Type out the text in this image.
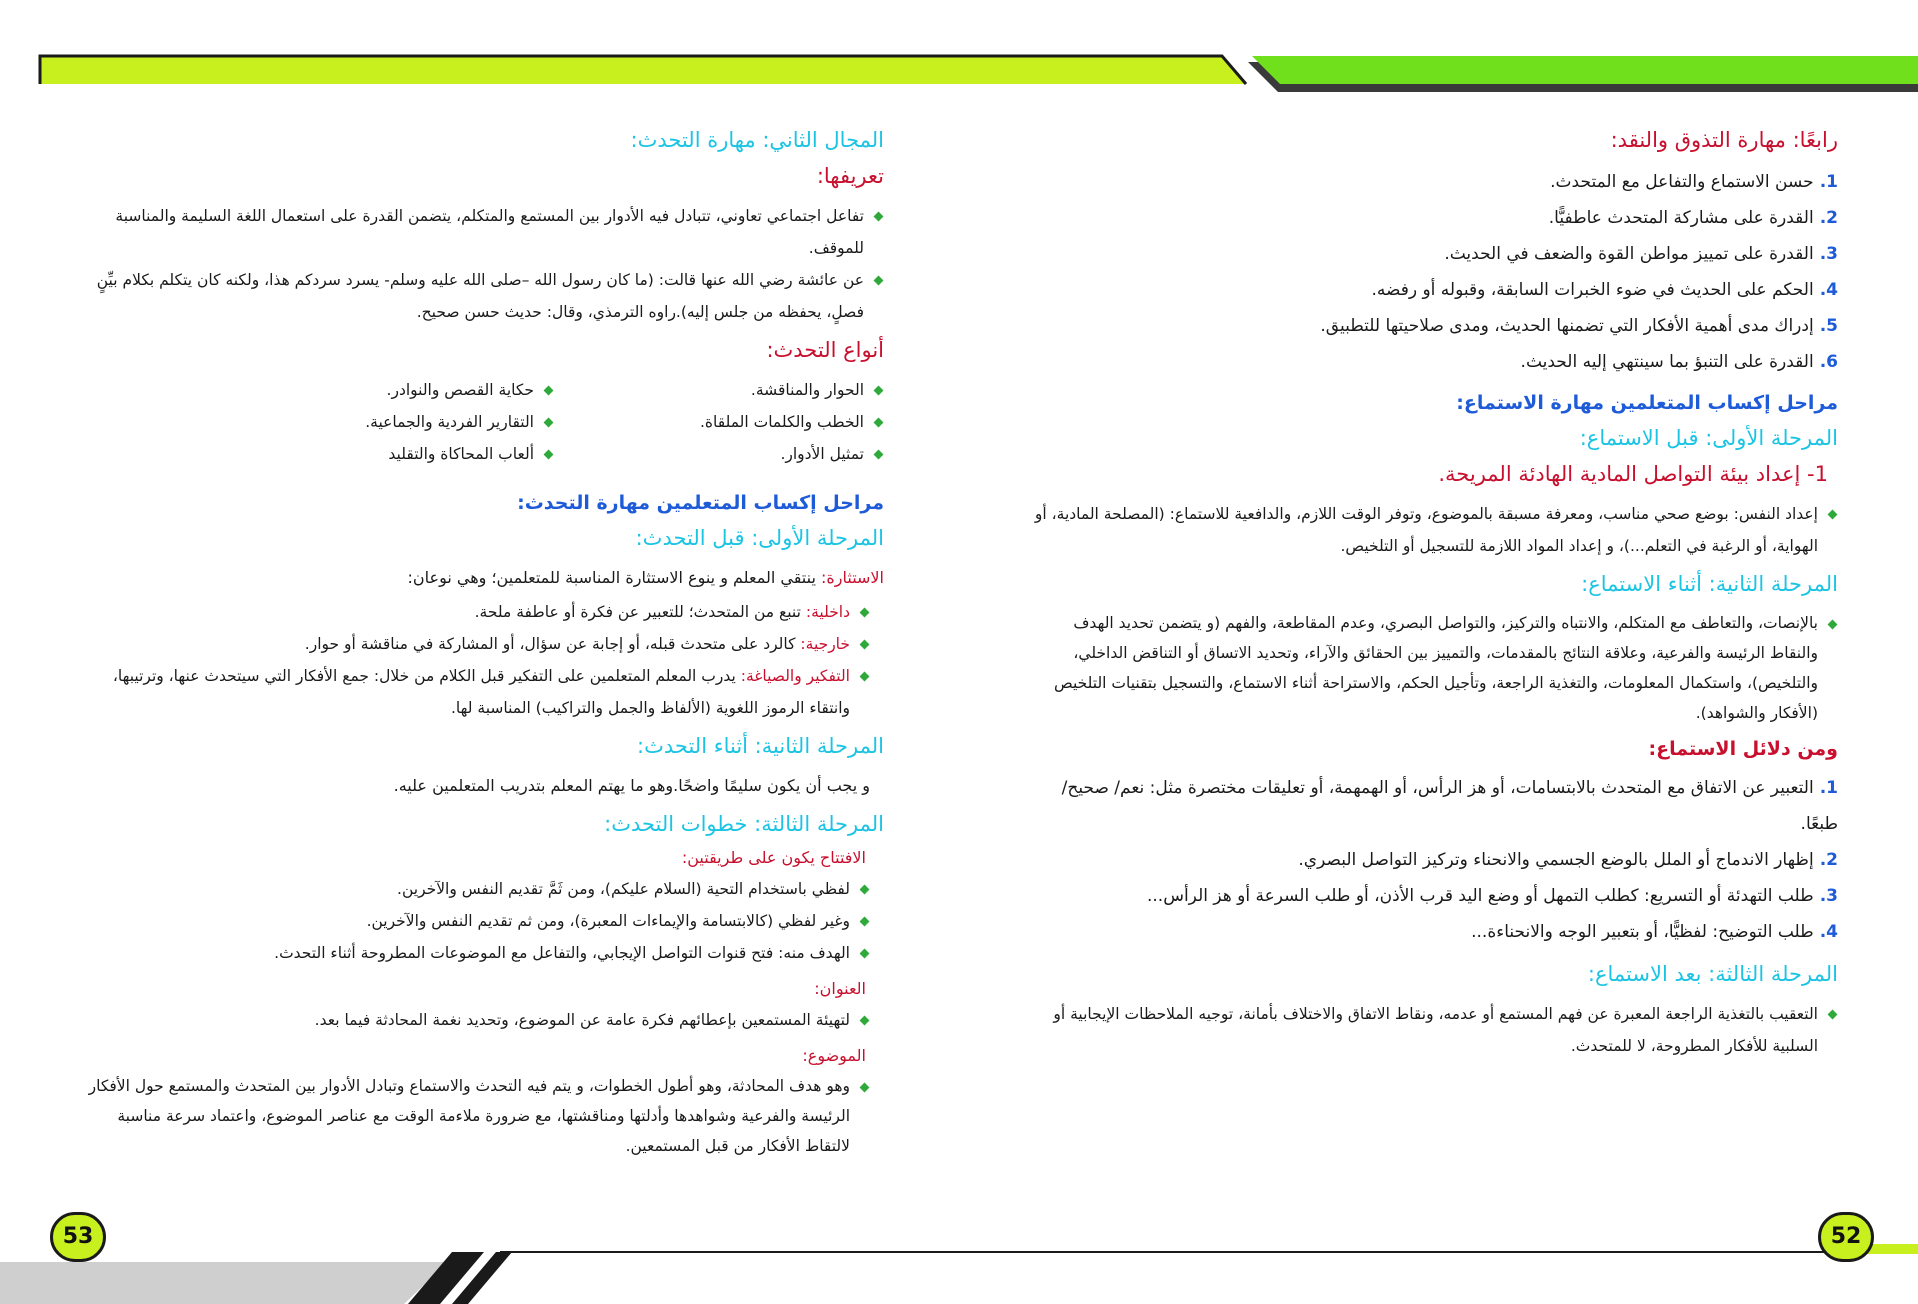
53	52
رابعًا: مهارة التذوق والنقد:
1.حسن الاستماع والتفاعل مع المتحدث.
2.القدرة على مشاركة المتحدث عاطفيًّا.
3.القدرة على تمييز مواطن القوة والضعف في الحديث.
4.الحكم على الحديث في ضوء الخبرات السابقة، وقبوله أو رفضه.
5.إدراك مدى أهمية الأفكار التي تضمنها الحديث، ومدى صلاحيتها للتطبيق.
6.القدرة على التنبؤ بما سينتهي إليه الحديث.
مراحل إكساب المتعلمين مهارة الاستماع:
المرحلة الأولى: قبل الاستماع:

1- إعداد بيئة التواصل المادية الهادئة المريحة.

إعداد النفس: بوضع صحي مناسب، ومعرفة مسبقة بالموضوع، وتوفر الوقت اللازم، والدافعية للاستماع: (المصلحة المادية، أو الهواية، أو الرغبة في التعلم...)، و إعداد المواد اللازمة للتسجيل أو التلخيص.
المرحلة الثانية: أثناء الاستماع:
بالإنصات، والتعاطف مع المتكلم، والانتباه والتركيز، والتواصل البصري، وعدم المقاطعة، والفهم (و يتضمن تحديد الهدف والنقاط الرئيسة والفرعية، وعلاقة النتائج بالمقدمات، والتمييز بين الحقائق والآراء، وتحديد الاتساق أو التناقض الداخلي، والتلخيص)، واستكمال المعلومات، والتغذية الراجعة، وتأجيل الحكم، والاستراحة أثناء الاستماع، والتسجيل بتقنيات التلخيص (الأفكار والشواهد).
ومن دلائل الاستماع:
1.التعبير عن الاتفاق مع المتحدث بالابتسامات، أو هز الرأس، أو الهمهمة، أو تعليقات مختصرة مثل: نعم/ صحيح/ طبعًا.
2.إظهار الاندماج أو الملل بالوضع الجسمي والانحناء وتركيز التواصل البصري.
3.طلب التهدئة أو التسريع: كطلب التمهل أو وضع اليد قرب الأذن، أو طلب السرعة أو هز الرأس...
4.طلب التوضيح: لفظيًّا، أو بتعبير الوجه والانحناءة...
المرحلة الثالثة: بعد الاستماع:
التعقيب بالتغذية الراجعة المعبرة عن فهم المستمع أو عدمه، ونقاط الاتفاق والاختلاف بأمانة، توجيه الملاحظات الإيجابية أو السلبية للأفكار المطروحة، لا للمتحدث.
المجال الثاني: مهارة التحدث:
تعريفها:
تفاعل اجتماعي تعاوني، تتبادل فيه الأدوار بين المستمع والمتكلم، يتضمن القدرة على استعمال اللغة السليمة والمناسبة للموقف.
عن عائشة رضي الله عنها قالت: (ما كان رسول الله –صلى الله عليه وسلم- يسرد سردكم هذا، ولكنه كان يتكلم بكلام بيِّنٍ فصلٍ، يحفظه من جلس إليه).راوه الترمذي، وقال: حديث حسن صحيح.
أنواع التحدث:
الحوار والمناقشة.
حكاية القصص والنوادر.
الخطب والكلمات الملقاة.
التقارير الفردية والجماعية.
تمثيل الأدوار.
ألعاب المحاكاة والتقليد
مراحل إكساب المتعلمين مهارة التحدث:
المرحلة الأولى: قبل التحدث:

الاستثارة: ينتقي المعلم و ينوع الاستثارة المناسبة للمتعلمين؛ وهي نوعان:

داخلية: تنبع من المتحدث؛ للتعبير عن فكرة أو عاطفة ملحة.
خارجية: كالرد على متحدث قبله، أو إجابة عن سؤال، أو المشاركة في مناقشة أو حوار.
التفكير والصياغة: يدرب المعلم المتعلمين على التفكير قبل الكلام من خلال: جمع الأفكار التي سيتحدث عنها، وترتيبها، وانتقاء الرموز اللغوية (الألفاظ والجمل والتراكيب) المناسبة لها.
المرحلة الثانية: أثناء التحدث:

و يجب أن يكون سليمًا واضحًا.وهو ما يهتم المعلم بتدريب المتعلمين عليه.

المرحلة الثالثة: خطوات التحدث:

الافتتاح يكون على طريقتين:

لفظي باستخدام التحية (السلام عليكم)، ومن ثَمَّ تقديم النفس والآخرين.
وغير لفظي (كالابتسامة والإيماءات المعبرة)، ومن ثم تقديم النفس والآخرين.
الهدف منه: فتح قنوات التواصل الإيجابي، والتفاعل مع الموضوعات المطروحة أثناء التحدث.

العنوان:

لتهيئة المستمعين بإعطائهم فكرة عامة عن الموضوع، وتحديد نغمة المحادثة فيما بعد.

الموضوع:

وهو هدف المحادثة، وهو أطول الخطوات، و يتم فيه التحدث والاستماع وتبادل الأدوار بين المتحدث والمستمع حول الأفكار الرئيسة والفرعية وشواهدها وأدلتها ومناقشتها، مع ضرورة ملاءمة الوقت مع عناصر الموضوع، واعتماد سرعة مناسبة لالتقاط الأفكار من قبل المستمعين.
